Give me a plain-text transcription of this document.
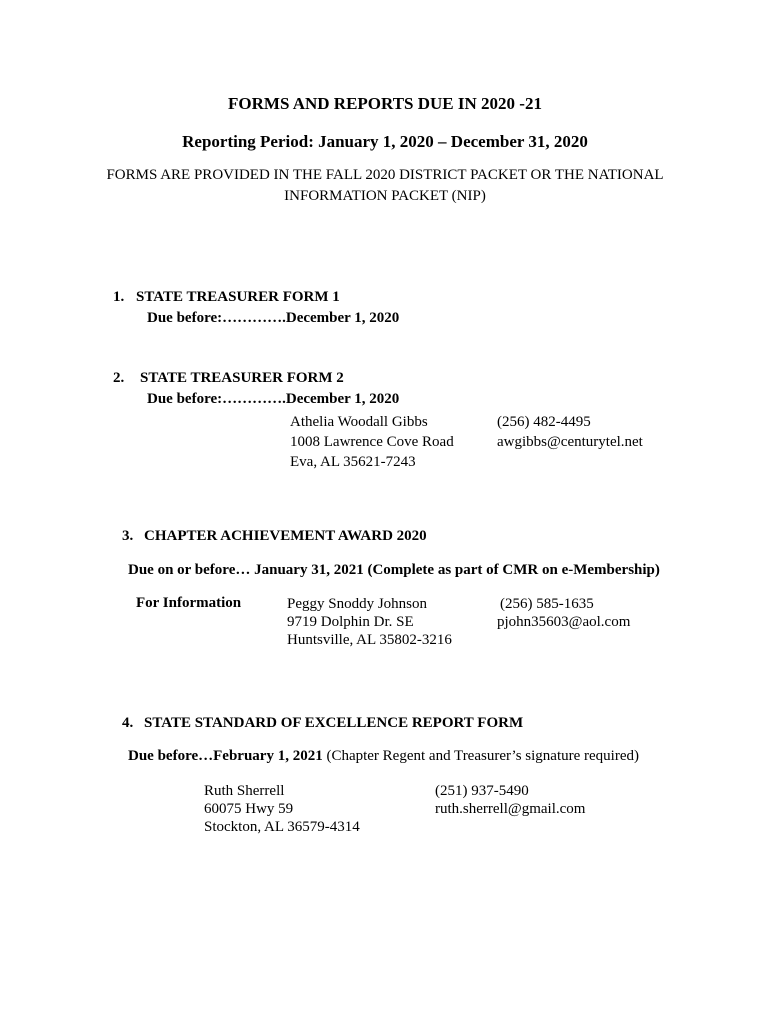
FORMS AND REPORTS DUE IN 2020 -21
Reporting Period: January 1, 2020 – December 31, 2020
FORMS ARE PROVIDED IN THE FALL 2020 DISTRICT PACKET OR THE NATIONAL
INFORMATION PACKET (NIP)
1. STATE TREASURER FORM 1
Due before:………….December 1, 2020
2. STATE TREASURER FORM 2
Due before:………….December 1, 2020
Athelia Woodall Gibbs
1008 Lawrence Cove Road
Eva, AL 35621-7243
(256) 482-4495
awgibbs@centurytel.net
3. CHAPTER ACHIEVEMENT AWARD 2020
Due on or before… January 31, 2021 (Complete as part of CMR on e-Membership)
For Information	Peggy Snoddy Johnson
9719 Dolphin Dr. SE
Huntsville, AL 35802-3216
(256) 585-1635
pjohn35603@aol.com
4. STATE STANDARD OF EXCELLENCE REPORT FORM
Due before…February 1, 2021 (Chapter Regent and Treasurer’s signature required)
Ruth Sherrell
60075 Hwy 59
Stockton, AL 36579-4314
(251) 937-5490
ruth.sherrell@gmail.com
